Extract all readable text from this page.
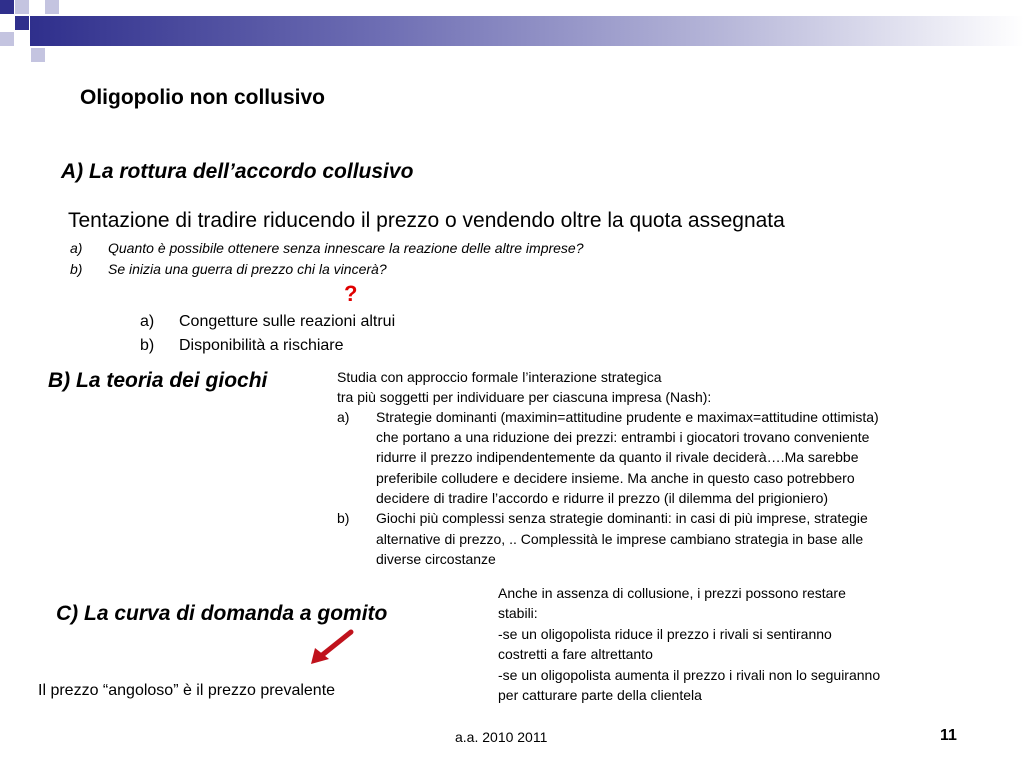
Oligopolio non collusivo
A) La rottura dell’accordo collusivo
Tentazione di tradire riducendo il prezzo o vendendo oltre la quota assegnata
a) Quanto è possibile ottenere senza innescare la reazione delle altre imprese?
b) Se inizia una guerra di prezzo chi la vincerà?
?
a) Congetture sulle reazioni altrui
b) Disponibilità a rischiare
B) La teoria dei giochi	Studia con approccio formale l’interazione strategica
tra più soggetti per individuare per ciascuna impresa (Nash):
a) Strategie dominanti (maximin=attitudine prudente e maximax=attitudine ottimista)
che portano a una riduzione dei prezzi: entrambi i giocatori trovano conveniente
ridurre il prezzo indipendentemente da quanto il rivale deciderà….Ma sarebbe
preferibile colludere e decidere insieme. Ma anche in questo caso potrebbero
decidere di tradire l’accordo e ridurre il prezzo (il dilemma del prigioniero)
b) Giochi più complessi senza strategie dominanti: in casi di più imprese, strategie
alternative di prezzo, .. Complessità le imprese cambiano strategia in base alle
diverse circostanze
C) La curva di domanda a gomito
Anche in assenza di collusione, i prezzi possono restare
stabili:
-se un oligopolista riduce il prezzo i rivali si sentiranno
costretti a fare altrettanto
-se un oligopolista aumenta il prezzo i rivali non lo seguiranno
per catturare parte della clientela
Il prezzo “angoloso” è il prezzo prevalente
a.a. 2010 2011	11
